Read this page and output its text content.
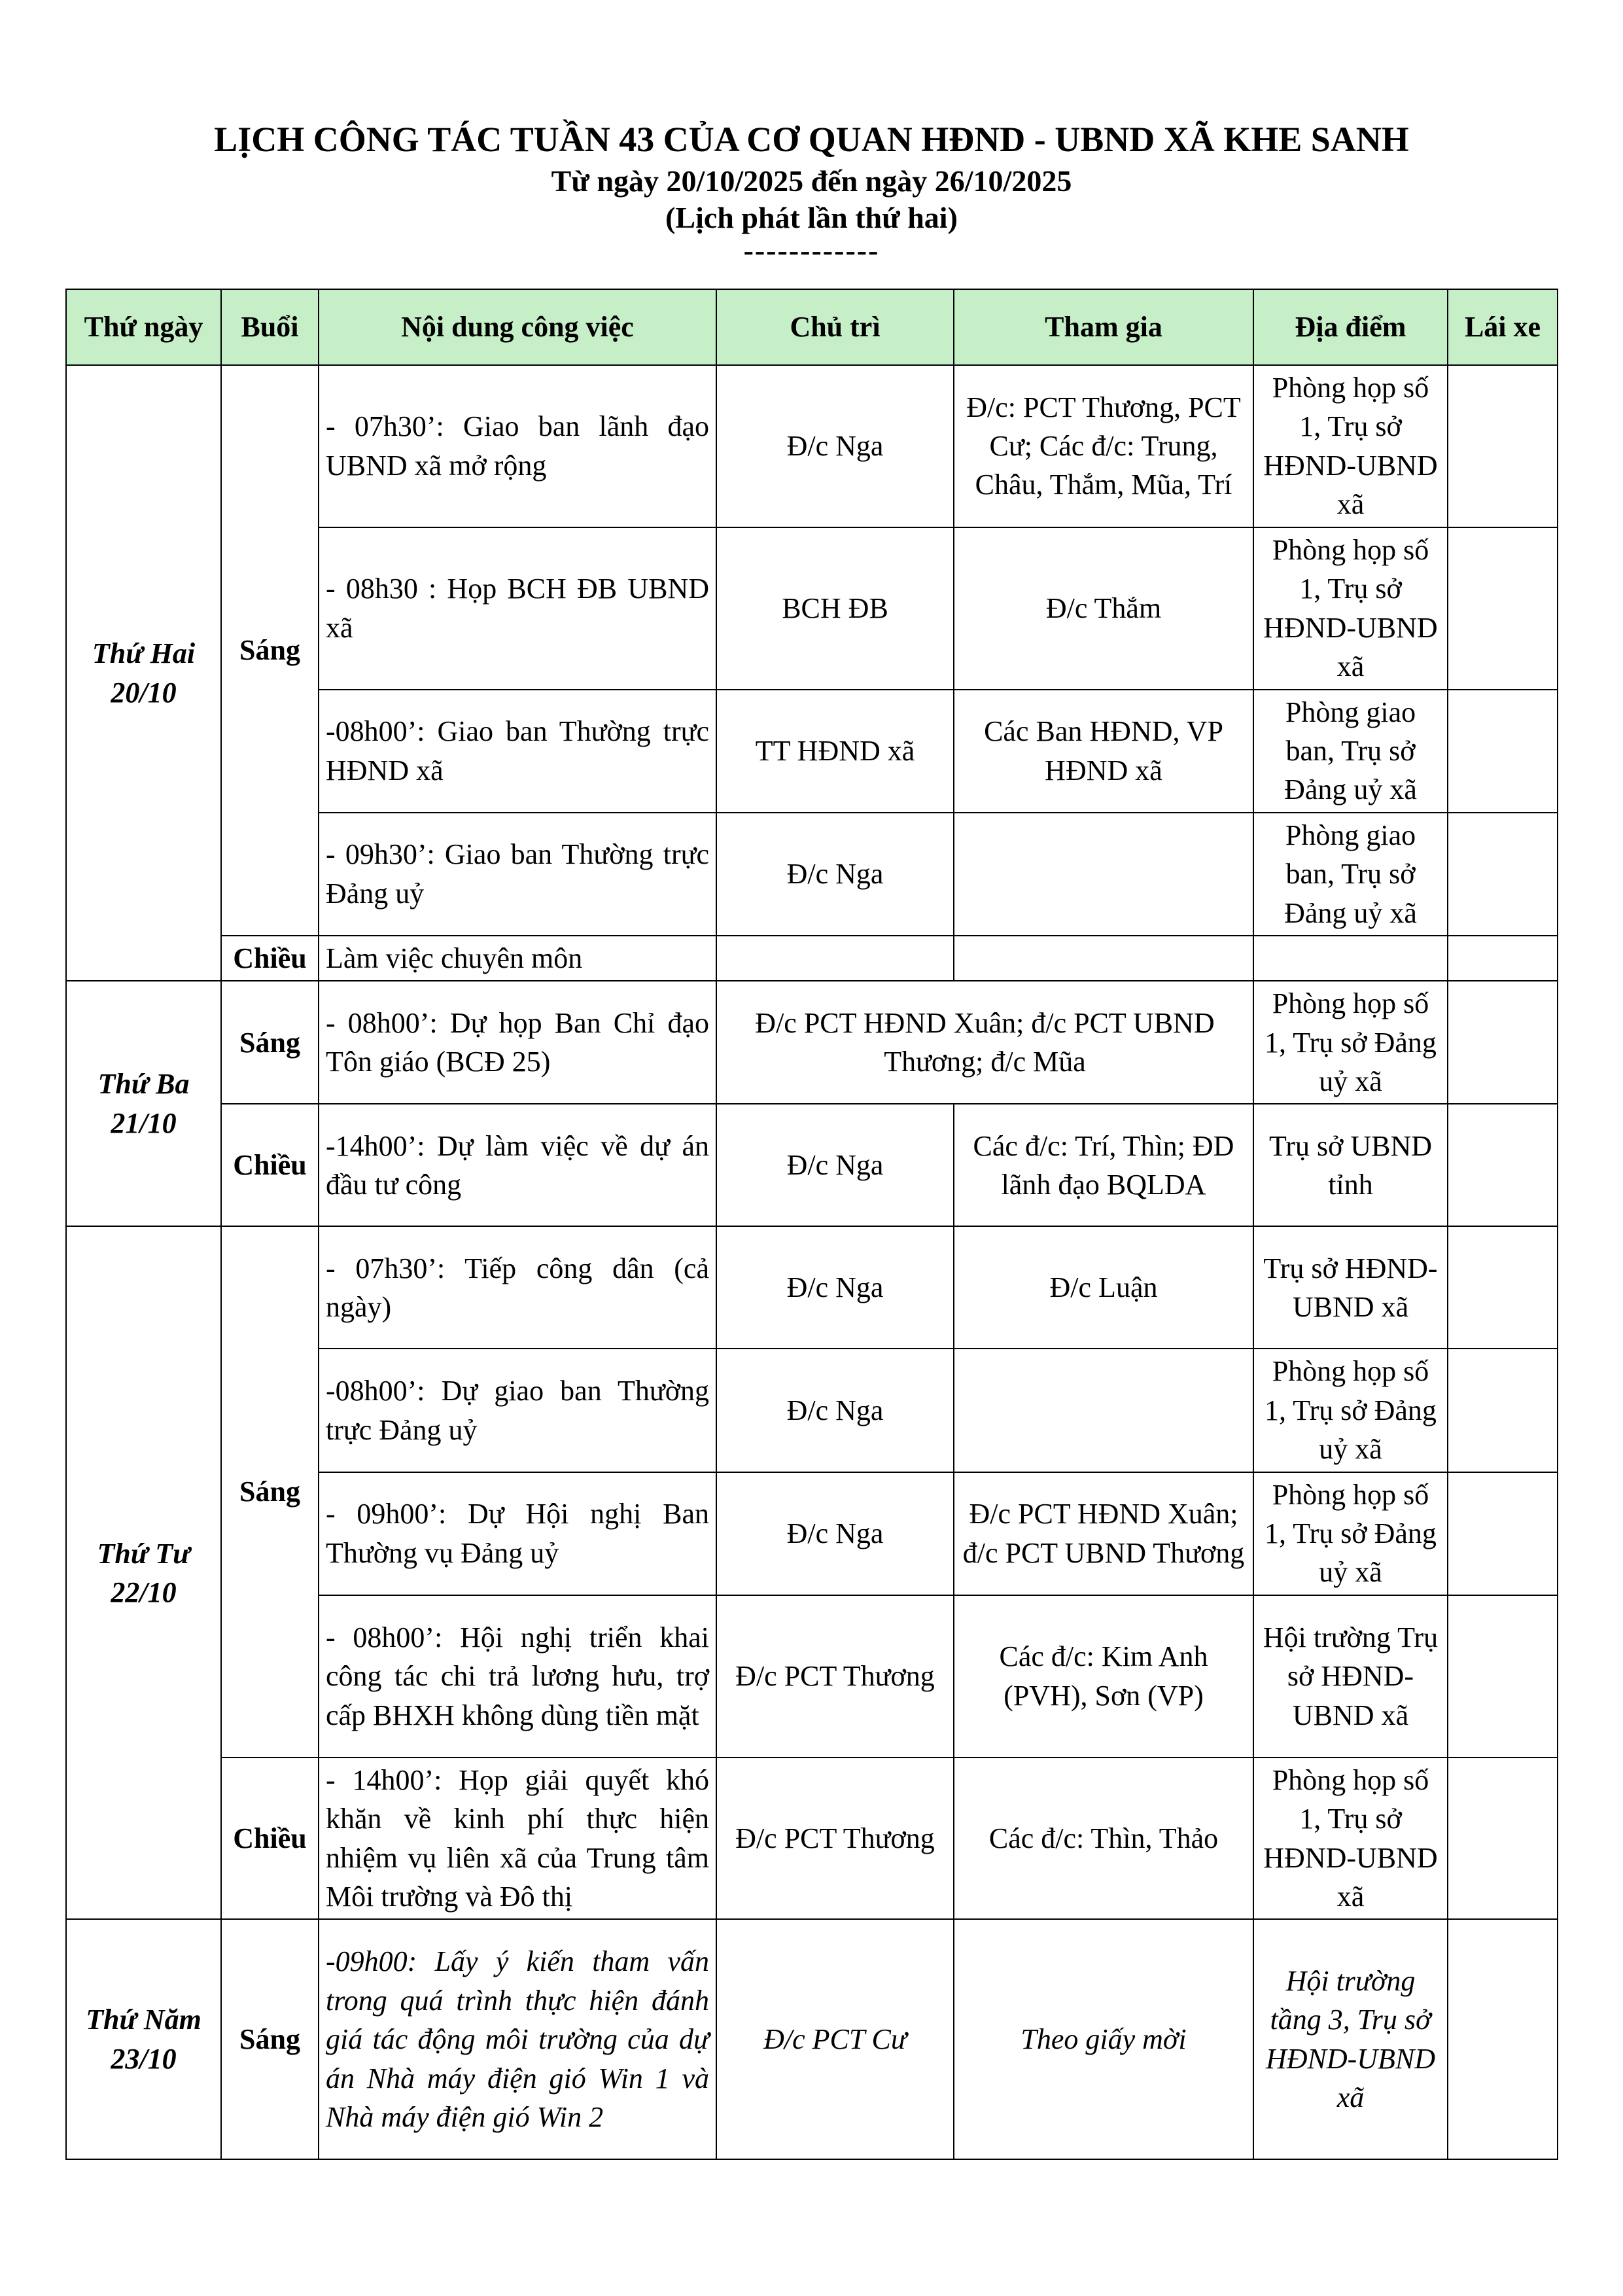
LỊCH CÔNG TÁC TUẦN 43 CỦA CƠ QUAN HĐND - UBND XÃ KHE SANH
Từ ngày 20/10/2025 đến ngày 26/10/2025
(Lịch phát lần thứ hai)
------------
Thứ ngày	Buổi	Nội dung công việc	Chủ trì	Tham gia	Địa điểm	Lái xe
Thứ Hai 20/10	Sáng	- 07h30’: Giao ban lãnh đạo UBND xã mở rộng	Đ/c Nga	Đ/c: PCT Thương, PCT Cư; Các đ/c: Trung, Châu, Thắm, Mũa, Trí	Phòng họp số 1, Trụ sở HĐND-UBND xã	
		- 08h30 : Họp BCH ĐB UBND xã	BCH ĐB	Đ/c Thắm	Phòng họp số 1, Trụ sở HĐND-UBND xã	
		-08h00’: Giao ban Thường trực HĐND xã	TT HĐND xã	Các Ban HĐND, VP HĐND xã	Phòng giao ban, Trụ sở Đảng uỷ xã	
		- 09h30’: Giao ban Thường trực Đảng uỷ	Đ/c Nga		Phòng giao ban, Trụ sở Đảng uỷ xã	
	Chiều	Làm việc chuyên môn				
Thứ Ba 21/10	Sáng	- 08h00’: Dự họp Ban Chỉ đạo Tôn giáo (BCĐ 25)	Đ/c PCT HĐND Xuân; đ/c PCT UBND Thương; đ/c Mũa		Phòng họp số 1, Trụ sở Đảng uỷ xã	
	Chiều	-14h00’: Dự làm việc về dự án đầu tư công	Đ/c Nga	Các đ/c: Trí, Thìn; ĐD lãnh đạo BQLDA	Trụ sở UBND tỉnh	
Thứ Tư 22/10	Sáng	- 07h30’: Tiếp công dân (cả ngày)	Đ/c Nga	Đ/c Luận	Trụ sở HĐND-UBND xã	
		-08h00’: Dự giao ban Thường trực Đảng uỷ	Đ/c Nga		Phòng họp số 1, Trụ sở Đảng uỷ xã	
		- 09h00’: Dự Hội nghị Ban Thường vụ Đảng uỷ	Đ/c Nga	Đ/c PCT HĐND Xuân; đ/c PCT UBND Thương	Phòng họp số 1, Trụ sở Đảng uỷ xã	
		- 08h00’: Hội nghị triển khai công tác chi trả lương hưu, trợ cấp BHXH không dùng tiền mặt	Đ/c PCT Thương	Các đ/c: Kim Anh (PVH), Sơn (VP)	Hội trường Trụ sở HĐND-UBND xã	
	Chiều	- 14h00’: Họp giải quyết khó khăn về kinh phí thực hiện nhiệm vụ liên xã của Trung tâm Môi trường và Đô thị	Đ/c PCT Thương	Các đ/c: Thìn, Thảo	Phòng họp số 1, Trụ sở HĐND-UBND xã	
Thứ Năm 23/10	Sáng	-09h00: Lấy ý kiến tham vấn trong quá trình thực hiện đánh giá tác động môi trường của dự án Nhà máy điện gió Win 1 và Nhà máy điện gió Win 2	Đ/c PCT Cư	Theo giấy mời	Hội trường tầng 3, Trụ sở HĐND-UBND xã	
